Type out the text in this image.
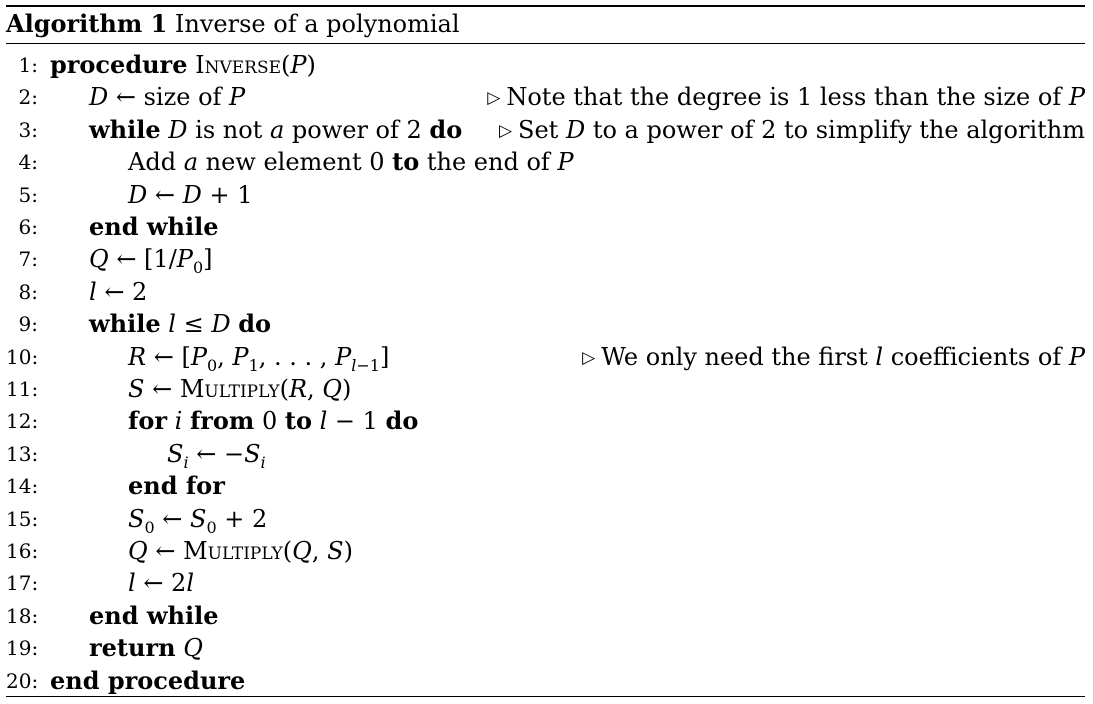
Algorithm 1 Inverse of a polynomial
1: procedure Inverse(P)
2: D ← size of P	▷ Note that the degree is 1 less than the size of P
3: while D is not a power of 2 do ▷ Set D to a power of 2 to simplify the algorithm
4:	Add a new element 0 to the end of P
5:	D ← D + 1
6: end while
7: Q ← $[1/P_0]$
8: l ← 2
9: while l ≤ D do
10:	R ← [$P_0$, $P_1$, . . . , $P_{l-1}$]	▷ We only need the first l coefficients of P
11:	S ← Multiply(R, Q)
12:	for i from 0 to l − 1 do
13:	$S_i$ ← $-S_i$
14:	end for
15:	$S_0$ ← $S_0 + 2$
16:	Q ← Multiply(Q, S)
17:	l ← 2l
18: end while
19: return Q
20: end procedure
